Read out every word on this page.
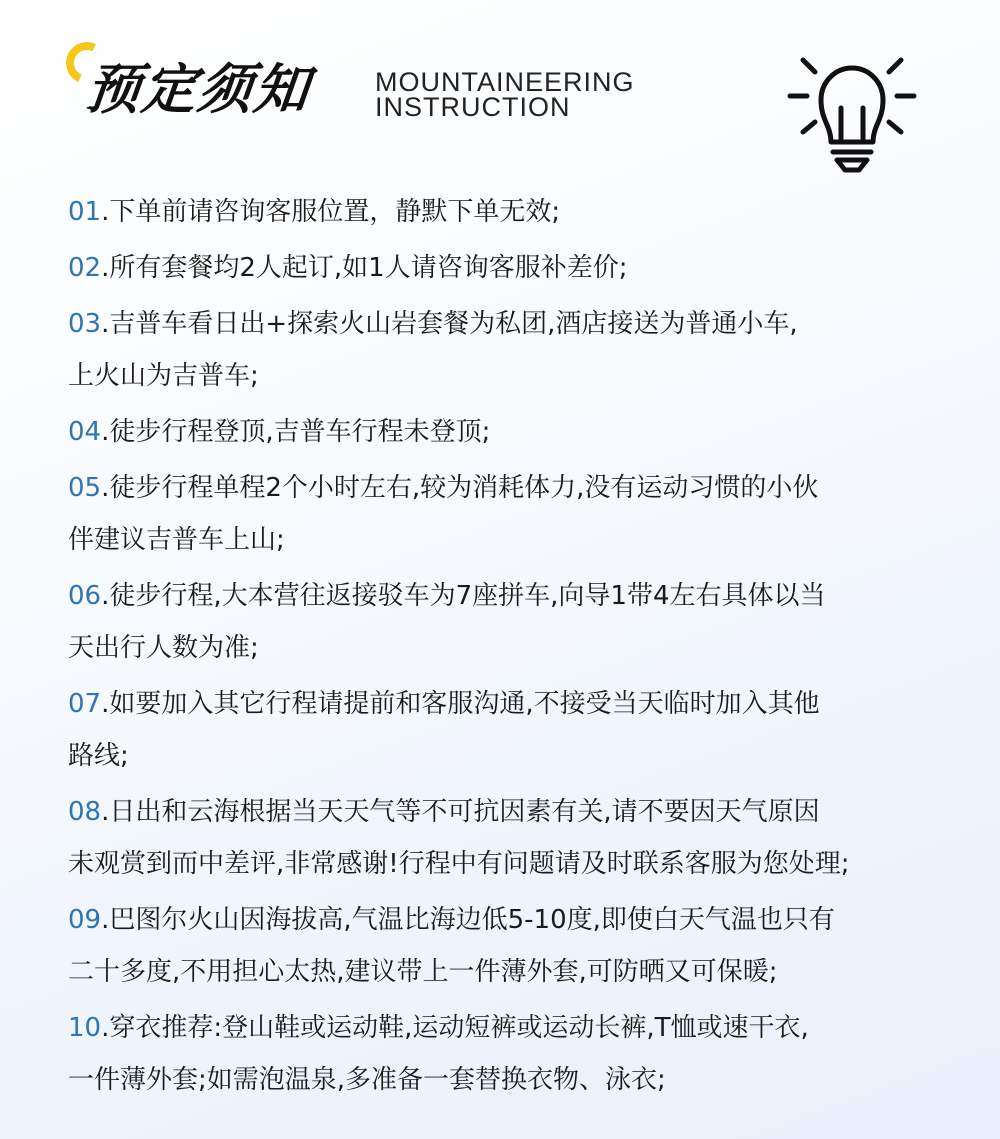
预定须知 MOUNTAINEERING
INSTRUCTION
01.下单前请咨询客服位置，静默下单无效;
02.所有套餐均2人起订,如1人请咨询客服补差价;
03.吉普车看日出+探索火山岩套餐为私团,酒店接送为普通小车,
上火山为吉普车;
04.徒步行程登顶,吉普车行程未登顶;
05.徒步行程单程2个小时左右,较为消耗体力,没有运动习惯的小伙
伴建议吉普车上山;
06.徒步行程,大本营往返接驳车为7座拼车,向导1带4左右具体以当
天出行人数为准;
07.如要加入其它行程请提前和客服沟通,不接受当天临时加入其他
路线;
08.日出和云海根据当天天气等不可抗因素有关,请不要因天气原因
未观赏到而中差评,非常感谢!行程中有问题请及时联系客服为您处理;
09.巴图尔火山因海拔高,气温比海边低5-10度,即使白天气温也只有
二十多度,不用担心太热,建议带上一件薄外套,可防晒又可保暖;
10.穿衣推荐:登山鞋或运动鞋,运动短裤或运动长裤,T恤或速干衣,
一件薄外套;如需泡温泉,多准备一套替换衣物、泳衣;
